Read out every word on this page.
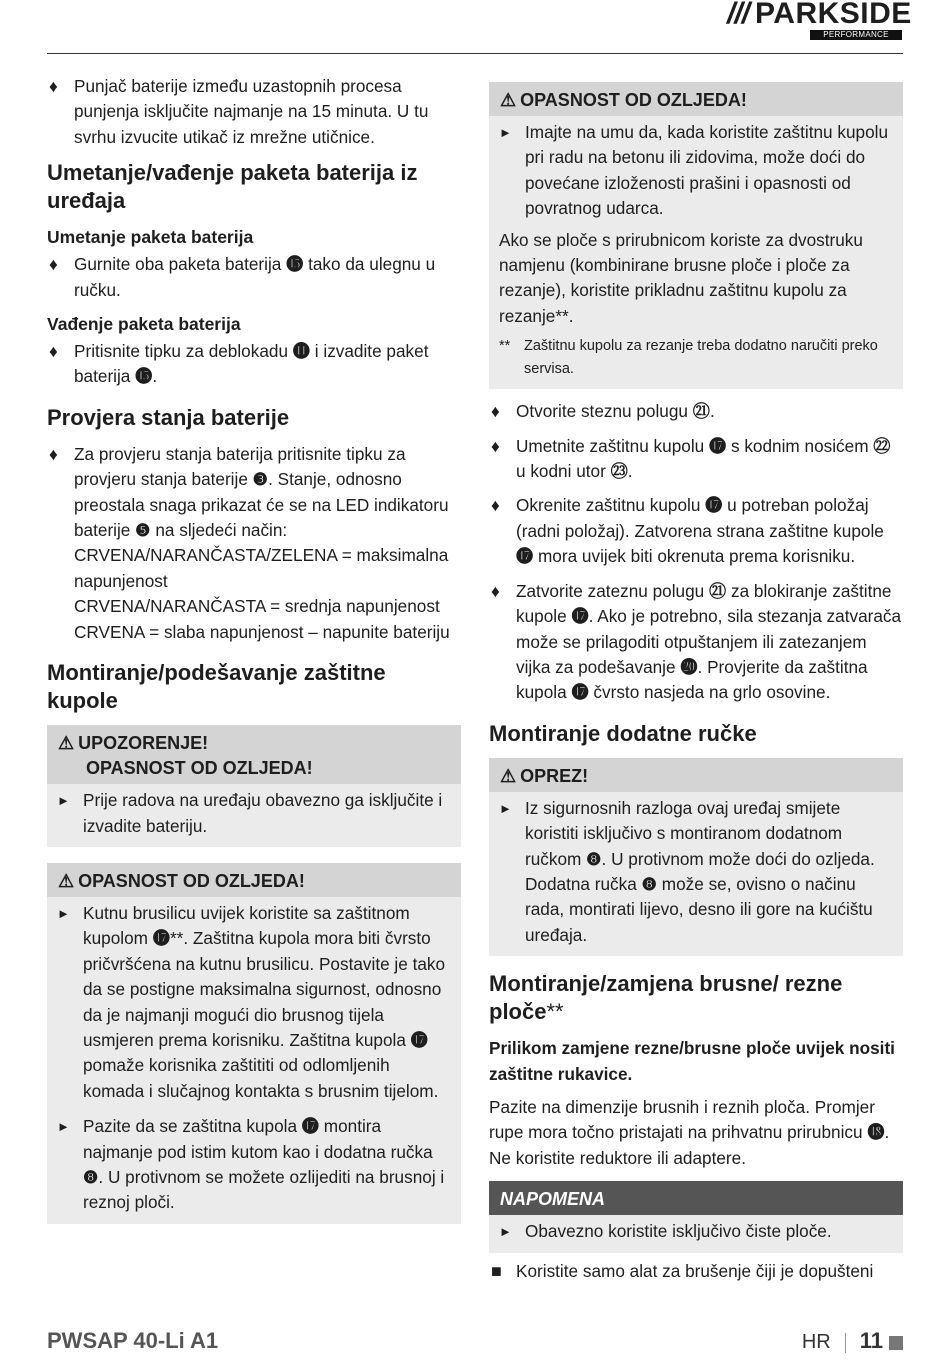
/// PARKSIDE
PERFORMANCE
♦ Punjač baterije između uzastopnih procesa punjenja isključite najmanje na 15 minuta. U tu svrhu izvucite utikač iz mrežne utičnice.
Umetanje/vađenje paketa baterija iz uređaja
Umetanje paketa baterija
♦ Gurnite oba paketa baterija ⓯ tako da ulegnu u ručku.
Vađenje paketa baterija
♦ Pritisnite tipku za deblokadu ⓫ i izvadite paket baterija ⓯.
Provjera stanja baterije
♦ Za provjeru stanja baterija pritisnite tipku za provjeru stanja baterije ❸. Stanje, odnosno preostala snaga prikazat će se na LED indikatoru baterije ❺ na sljedeći način:
CRVENA/NARANČASTA/ZELENA = maksimalna napunjenost
CRVENA/NARANČASTA = srednja napunjenost
CRVENA = slaba napunjenost – napunite bateriju
Montiranje/podešavanje zaštitne kupole
⚠ UPOZORENJE!
OPASNOST OD OZLJEDA!
► Prije radova na uređaju obavezno ga isključite i izvadite bateriju.
⚠ OPASNOST OD OZLJEDA!
► Kutnu brusilicu uvijek koristite sa zaštitnom kupolom ⓱**. Zaštitna kupola mora biti čvrsto pričvršćena na kutnu brusilicu. Postavite je tako da se postigne maksimalna sigurnost, odnosno da je najmanji mogući dio brusnog tijela usmjeren prema korisniku. Zaštitna kupola ⓱ pomaže korisnika zaštititi od odlomljenih komada i slučajnog kontakta s brusnim tijelom.
► Pazite da se zaštitna kupola ⓱ montira najmanje pod istim kutom kao i dodatna ručka ❽. U protivnom se možete ozlijediti na brusnoj i reznoj ploči.
⚠ OPASNOST OD OZLJEDA!
► Imajte na umu da, kada koristite zaštitnu kupolu pri radu na betonu ili zidovima, može doći do povećane izloženosti prašini i opasnosti od povratnog udarca.

Ako se ploče s prirubnicom koriste za dvostruku namjenu (kombinirane brusne ploče i ploče za rezanje), koristite prikladnu zaštitnu kupolu za rezanje**.

** Zaštitnu kupolu za rezanje treba dodatno naručiti preko servisa.
♦ Otvorite steznu polugu ㉑.
♦ Umetnite zaštitnu kupolu ⓱ s kodnim nosićem ㉒ u kodni utor ㉓.
♦ Okrenite zaštitnu kupolu ⓱ u potreban položaj (radni položaj). Zatvorena strana zaštitne kupole ⓱ mora uvijek biti okrenuta prema korisniku.
♦ Zatvorite zateznu polugu ㉑ za blokiranje zaštitne kupole ⓱. Ako je potrebno, sila stezanja zatvarača može se prilagoditi otpuštanjem ili zatezanjem vijka za podešavanje ⓴. Provjerite da zaštitna kupola ⓱ čvrsto nasjeda na grlo osovine.
Montiranje dodatne ručke
⚠ OPREZ!
► Iz sigurnosnih razloga ovaj uređaj smijete koristiti isključivo s montiranom dodatnom ručkom ❽. U protivnom može doći do ozljeda. Dodatna ručka ❽ može se, ovisno o načinu rada, montirati lijevo, desno ili gore na kućištu uređaja.
Montiranje/zamjena brusne/ rezne ploče**

Prilikom zamjene rezne/brusne ploče uvijek nositi zaštitne rukavice.

Pazite na dimenzije brusnih i reznih ploča. Promjer rupe mora točno pristajati na prihvatnu prirubnicu ⓲. Ne koristite reduktore ili adaptere.

NAPOMENA
► Obavezno koristite isključivo čiste ploče.
■ Koristite samo alat za brušenje čiji je dopušteni
PWSAP 40-Li A1	HR 11
